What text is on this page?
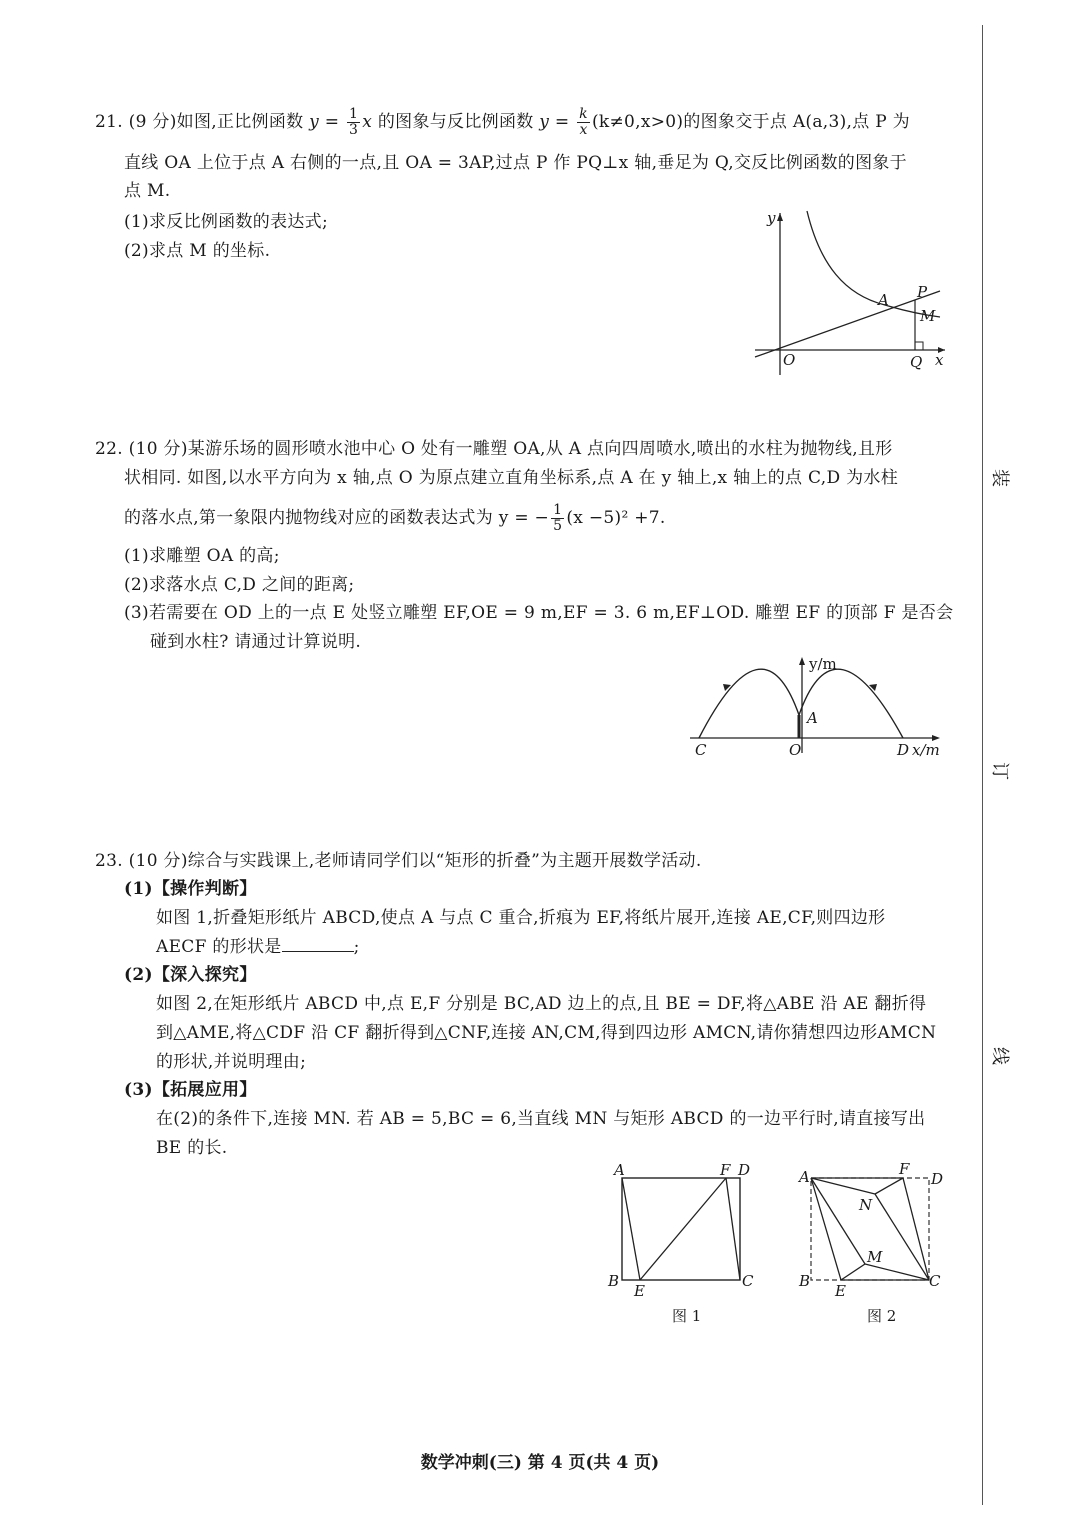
装
订
线
21. (9 分)如图,正比例函数 $y = \frac{1}{3}$ x 的图象与反比例函数 $y = \frac{k}{x} (k\ne 0,x>0)$的图象交于点 A(a,3),点 P 为
直线 OA 上位于点 A 右侧的一点,且 OA = 3AP,过点 P 作 PQ⊥x 轴,垂足为 Q,交反比例函数的图象于
点 M.
(1)求反比例函数的表达式;
(2)求点 M 的坐标.
y
x
O
A P
M
Q
22. (10 分)某游乐场的圆形喷水池中心 O 处有一雕塑 OA,从 A 点向四周喷水,喷出的水柱为抛物线,且形
状相同. 如图,以水平方向为 x 轴,点 O 为原点建立直角坐标系,点 A 在 y 轴上,x 轴上的点 C,D 为水柱
的落水点,第一象限内抛物线对应的函数表达式为 y = − $\frac{1}{5} (x -5)^2 +7$.
(1)求雕塑 OA 的高;
(2)求落水点 C,D 之间的距离;
(3)若需要在 OD 上的一点 E 处竖立雕塑 EF,OE = 9 m,EF = 3. 6 m,EF⊥OD. 雕塑 EF 的顶部 F 是否会
碰到水柱? 请通过计算说明.
y/m
A
C	O	D x/m
23. (10 分)综合与实践课上,老师请同学们以“矩形的折叠”为主题开展数学活动.
(1)【操作判断】
如图 1,折叠矩形纸片 ABCD,使点 A 与点 C 重合,折痕为 EF,将纸片展开,连接 AE,CF,则四边形
AECF 的形状是	;
(2)【深入探究】
如图 2,在矩形纸片 ABCD 中,点 E,F 分别是 BC,AD 边上的点,且 BE = DF,将△ABE 沿 AE 翻折得
到△AME,将△CDF 沿 CF 翻折得到△CNF,连接 AN,CM,得到四边形 AMCN,请你猜想四边形AMCN
的形状,并说明理由;
(3)【拓展应用】
在(2)的条件下,连接 MN. 若 AB = 5,BC = 6,当直线 MN 与矩形 ABCD 的一边平行时,请直接写出
BE 的长.
A	F D
B
E
C
图 1
A	F
D
N
M
B
E
C
图 2
数学冲刺(三) 第 4 页(共 4 页)
